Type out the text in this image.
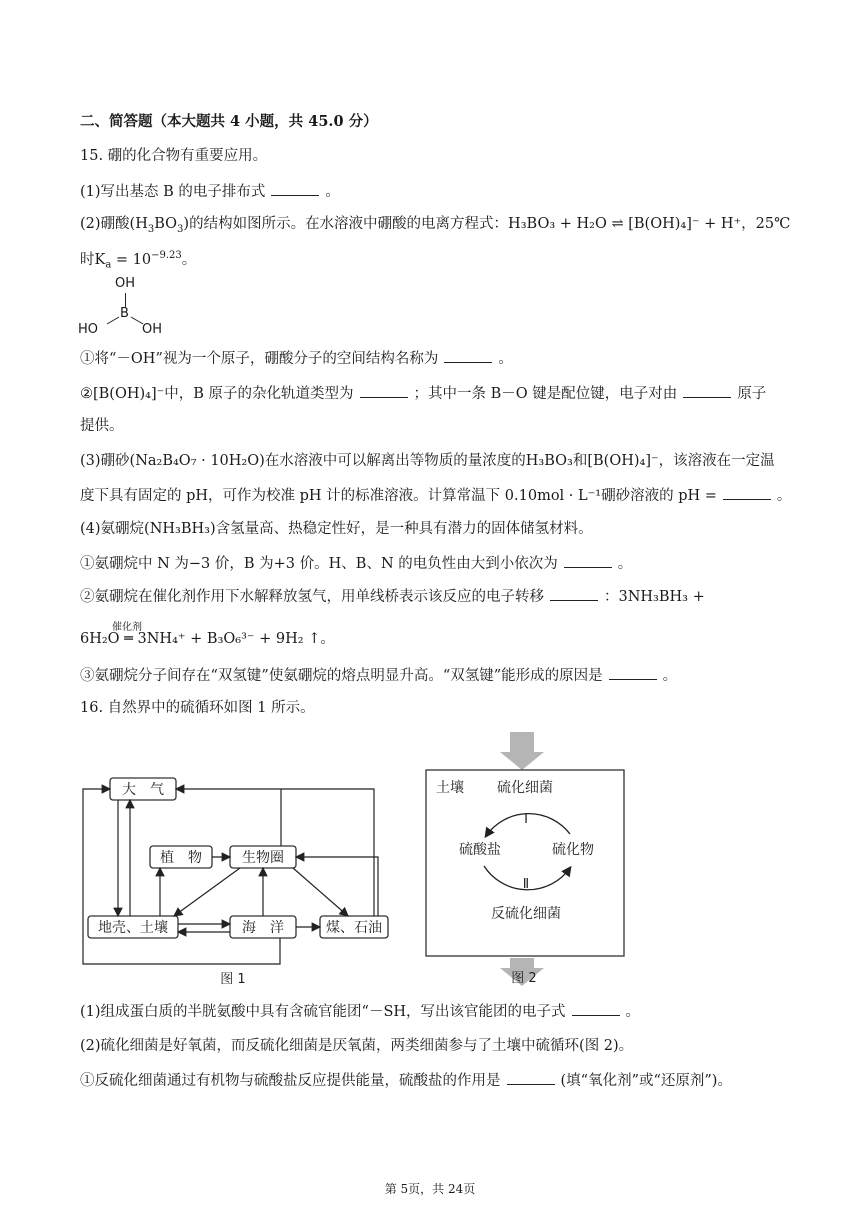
二、简答题（本大题共 4 小题，共 45.0 分）
15. 硼的化合物有重要应用。
(1)写出基态 B 的电子排布式	。
(2)硼酸$(H_3BO_3)$的结构如图所示。在水溶液中硼酸的电离方程式：H₃BO₃ + H₂O ⇌ [B(OH)₄]⁻ + H⁺，25℃
时$K_a = 10^{-9.23}$。
OH
B
HO	OH
①将“－OH”视为一个原子，硼酸分子的空间结构名称为	。
②[B(OH)₄]⁻中，B 原子的杂化轨道类型为	；其中一条 B－O 键是配位键，电子对由	原子
提供。
(3)硼砂(Na₂B₄O₇ · 10H₂O)在水溶液中可以解离出等物质的量浓度的H₃BO₃和[B(OH)₄]⁻，该溶液在一定温
度下具有固定的 pH，可作为校准 pH 计的标准溶液。计算常温下 0.10mol · L⁻¹硼砂溶液的 pH =	。
(4)氨硼烷(NH₃BH₃)含氢量高、热稳定性好，是一种具有潜力的固体储氢材料。
①氨硼烷中 N 为−3 价，B 为+3 价。H、B、N 的电负性由大到小依次为	。
②氨硼烷在催化剂作用下水解释放氢气，用单线桥表示该反应的电子转移	：3NH₃BH₃ +
催化剂
6H₂O ═ 3NH₄⁺ + B₃O₆³⁻ + 9H₂ ↑。
③氨硼烷分子间存在“双氢键”使氨硼烷的熔点明显升高。“双氢键”能形成的原因是	。
16. 自然界中的硫循环如图 1 所示。
大　气
植　物	生物圈
地壳、土壤	海　洋	煤、石油
图 1
土壤 硫化细菌
Ⅰ
硫酸盐	硫化物
Ⅱ
反硫化细菌
图 2
(1)组成蛋白质的半胱氨酸中具有含硫官能团“－SH，写出该官能团的电子式	。
(2)硫化细菌是好氧菌，而反硫化细菌是厌氧菌，两类细菌参与了土壤中硫循环(图 2)。
①反硫化细菌通过有机物与硫酸盐反应提供能量，硫酸盐的作用是	(填“氧化剂”或“还原剂”)。
第 5页，共 24页
